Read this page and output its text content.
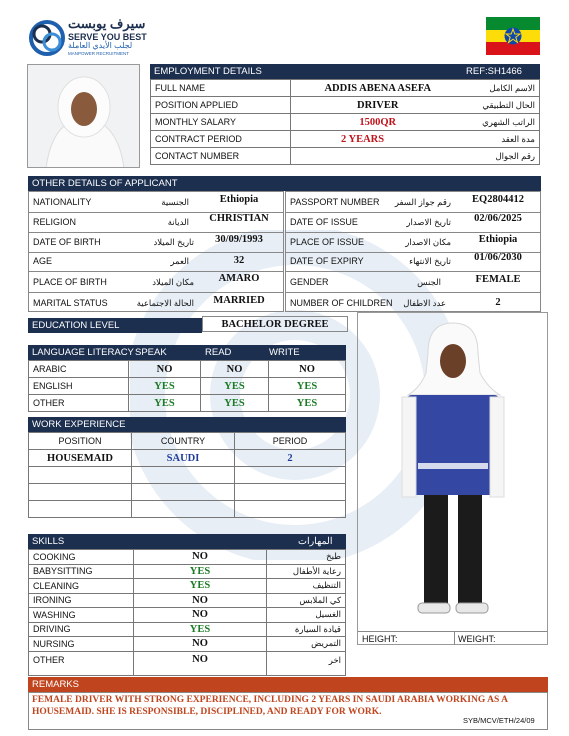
سيرف يوبست
SERVE YOU BEST
لجلب الأيدي العاملة
MANPOWER RECRUITMENT
EMPLOYMENT DETAILS	REF:SH1466
FULL NAME	ADDIS ABENA ASEFA	الاسم الكامل
POSITION APPLIED	DRIVER	الحال التطبيقي
MONTHLY SALARY	1500QR	الراتب الشهري
CONTRACT PERIOD	2 YEARS	مدة العقد
CONTACT NUMBER		رقم الجوال
OTHER DETAILS OF APPLICANT
NATIONALITY	الجنسية	Ethiopia
RELIGION	الديانة	CHRISTIAN
DATE OF BIRTH	تاريخ الميلاد	30/09/1993
AGE	العمر	32
PLACE OF BIRTH	مكان الميلاد	AMARO
MARITAL STATUS	الحالة الاجتماعية	MARRIED
PASSPORT NUMBER	رقم جواز السفر	EQ2804412
DATE OF ISSUE	تاريخ الاصدار	02/06/2025
PLACE OF ISSUE	مكان الاصدار	Ethiopia
DATE OF EXPIRY	تاريخ الانتهاء	01/06/2030
GENDER	الجنس	FEMALE
NUMBER OF CHILDREN	عدد الاطفال	2
EDUCATION LEVEL	BACHELOR DEGREE
LANGUAGE LITERACY SPEAK	READ	WRITE
ARABIC	NO	NO	NO
ENGLISH	YES	YES	YES
OTHER	YES	YES	YES
WORK EXPERIENCE
POSITION	COUNTRY	PERIOD
HOUSEMAID	SAUDI	2

SKILLS	المهارات
COOKING	NO	طبخ
BABYSITTING	YES	رعاية الأطفال
CLEANING	YES	التنظيف
IRONING	NO	كي الملابس
WASHING	NO	الغسيل
DRIVING	YES	قيادة السيارة
NURSING	NO	التمريض
OTHER	NO	اخر
HEIGHT:	WEIGHT:
REMARKS
FEMALE DRIVER WITH STRONG EXPERIENCE, INCLUDING 2 YEARS IN SAUDI ARABIA WORKING AS A
HOUSEMAID. SHE IS RESPONSIBLE, DISCIPLINED, AND READY FOR WORK.
SYB/MCV/ETH/24/09
